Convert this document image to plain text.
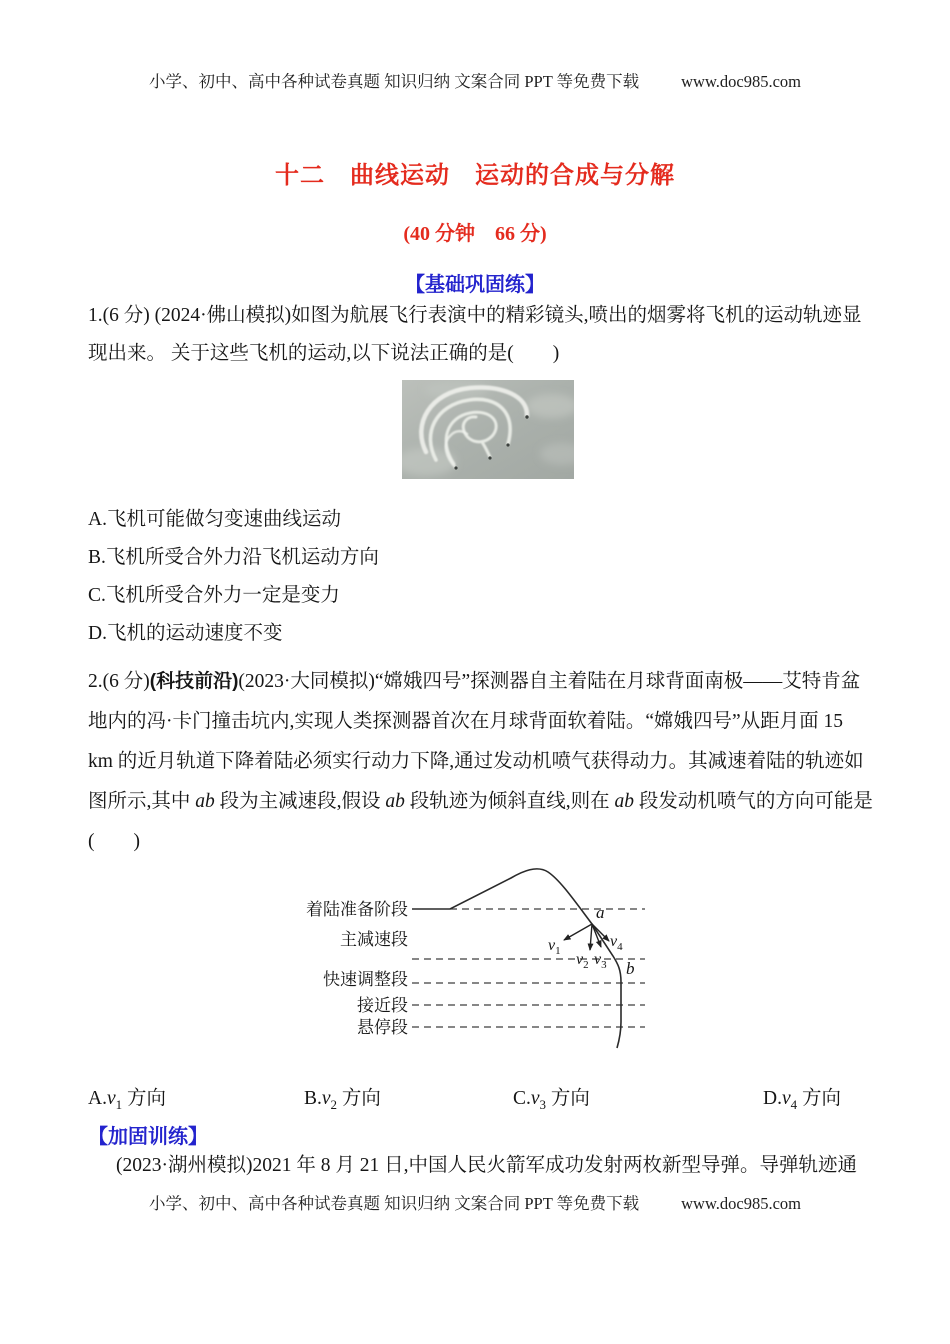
小学、初中、高中各种试卷真题 知识归纳 文案合同 PPT 等免费下载	www.doc985.com
十二　曲线运动　运动的合成与分解
(40 分钟　66 分)
【基础巩固练】
1.(6 分) (2024·佛山模拟)如图为航展飞行表演中的精彩镜头,喷出的烟雾将飞机的运动轨迹显
现出来。 关于这些飞机的运动,以下说法正确的是(　　)
A.飞机可能做匀变速曲线运动
B.飞机所受合外力沿飞机运动方向
C.飞机所受合外力一定是变力
D.飞机的运动速度不变
2.(6 分)(科技前沿)(2023·大同模拟)“嫦娥四号”探测器自主着陆在月球背面南极——艾特肯盆
地内的冯·卡门撞击坑内,实现人类探测器首次在月球背面软着陆。“嫦娥四号”从距月面 15
km 的近月轨道下降着陆必须实行动力下降,通过发动机喷气获得动力。其减速着陆的轨迹如
图所示,其中 ab 段为主减速段,假设 ab 段轨迹为倾斜直线,则在 ab 段发动机喷气的方向可能是
(　　)
着陆准备阶段
主减速段
快速调整段
接近段
悬停段
a
b
$v_1$ $v_2$ $v_3$
$v_4$
$A.v_1$ 方向	$B.v_2$ 方向	$C.v_3$ 方向	$D.v_4$ 方向
【加固训练】
(2023·湖州模拟)2021 年 8 月 21 日,中国人民火箭军成功发射两枚新型导弹。导弹轨迹通
小学、初中、高中各种试卷真题 知识归纳 文案合同 PPT 等免费下载	www.doc985.com
